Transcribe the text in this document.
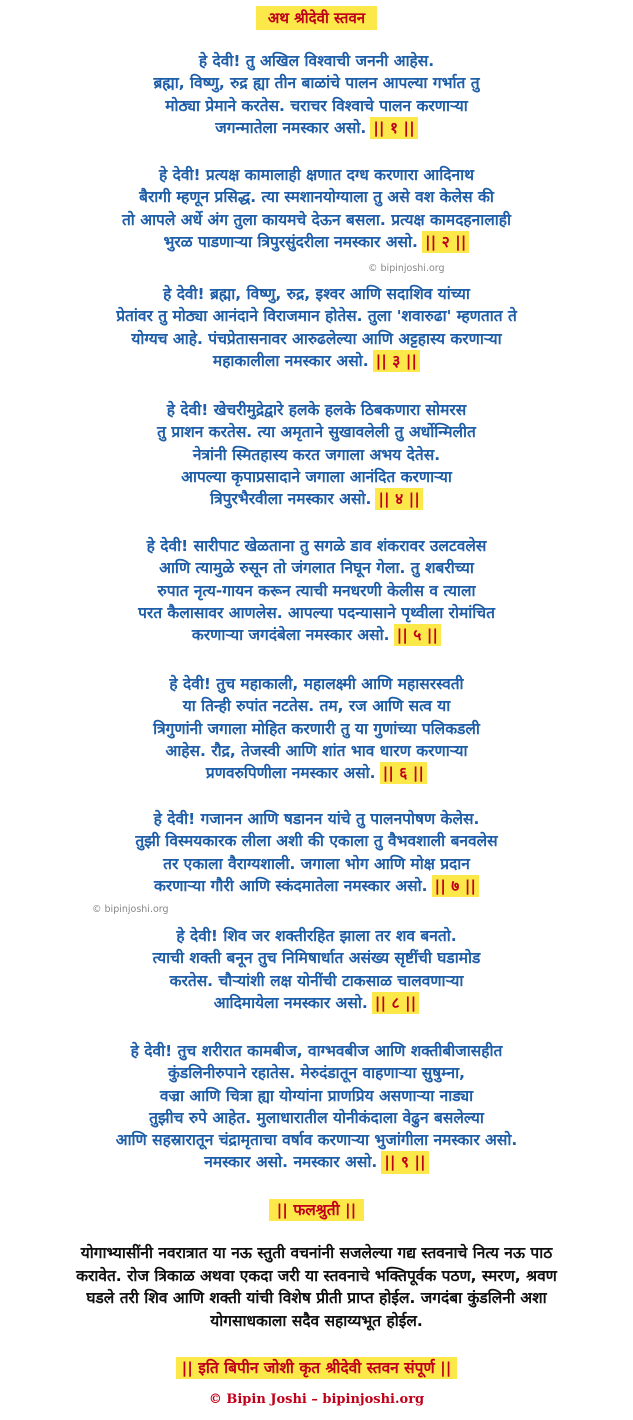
अथ श्रीदेवी स्तवन
हे देवी! तु अखिल विश्वाची जननी आहेस.
ब्रह्मा, विष्णु, रुद्र ह्या तीन बाळांचे पालन आपल्या गर्भात तु
मोठ्या प्रेमाने करतेस. चराचर विश्वाचे पालन करणाऱ्या
जगन्मातेला नमस्कार असो. || १ ||
हे देवी! प्रत्यक्ष कामालाही क्षणात दग्ध करणारा आदिनाथ
बैरागी म्हणून प्रसिद्ध. त्या स्मशानयोग्याला तु असे वश केलेस की
तो आपले अर्धे अंग तुला कायमचे देऊन बसला. प्रत्यक्ष कामदहनालाही
भुरळ पाडणाऱ्या त्रिपुरसुंदरीला नमस्कार असो. || २ ||
© bipinjoshi.org
हे देवी! ब्रह्मा, विष्णु, रुद्र, इश्वर आणि सदाशिव यांच्या
प्रेतांवर तु मोठ्या आनंदाने विराजमान होतेस. तुला 'शवारुढा' म्हणतात ते
योग्यच आहे. पंचप्रेतासनावर आरुढलेल्या आणि अट्टहास्य करणाऱ्या
महाकालीला नमस्कार असो. || ३ ||
हे देवी! खेचरीमुद्रेद्वारे हलके हलके ठिबकणारा सोमरस
तु प्राशन करतेस. त्या अमृताने सुखावलेली तु अर्धोन्मिलीत
नेत्रांनी स्मितहास्य करत जगाला अभय देतेस.
आपल्या कृपाप्रसादाने जगाला आनंदित करणाऱ्या
त्रिपुरभैरवीला नमस्कार असो. || ४ ||
हे देवी! सारीपाट खेळताना तु सगळे डाव शंकरावर उलटवलेस
आणि त्यामुळे रुसून तो जंगलात निघून गेला. तु शबरीच्या
रुपात नृत्य-गायन करून त्याची मनधरणी केलीस व त्याला
परत कैलासावर आणलेस. आपल्या पदन्यासाने पृथ्वीला रोमांचित
करणाऱ्या जगदंबेला नमस्कार असो. || ५ ||
हे देवी! तुच महाकाली, महालक्ष्मी आणि महासरस्वती
या तिन्ही रुपांत नटतेस. तम, रज आणि सत्व या
त्रिगुणांनी जगाला मोहित करणारी तु या गुणांच्या पलिकडली
आहेस. रौद्र, तेजस्वी आणि शांत भाव धारण करणाऱ्या
प्रणवरुपिणीला नमस्कार असो. || ६ ||
हे देवी! गजानन आणि षडानन यांचे तु पालनपोषण केलेस.
तुझी विस्मयकारक लीला अशी की एकाला तु वैभवशाली बनवलेस
तर एकाला वैराग्यशाली. जगाला भोग आणि मोक्ष प्रदान
करणाऱ्या गौरी आणि स्कंदमातेला नमस्कार असो. || ७ ||
© bipinjoshi.org
हे देवी! शिव जर शक्तीरहित झाला तर शव बनतो.
त्याची शक्ती बनून तुच निमिषार्धात असंख्य सृष्टींची घडामोड
करतेस. चौऱ्यांशी लक्ष योनींची टाकसाळ चालवणाऱ्या
आदिमायेला नमस्कार असो. || ८ ||
हे देवी! तुच शरीरात कामबीज, वाग्भवबीज आणि शक्तीबीजासहीत
कुंडलिनीरुपाने रहातेस. मेरुदंडातून वाहणाऱ्या सुषुम्ना,
वज्रा आणि चित्रा ह्या योग्यांना प्राणप्रिय असणाऱ्या नाड्या
तुझीच रुपे आहेत. मुलाधारातील योनीकंदाला वेढुन बसलेल्या
आणि सहस्रारातून चंद्रामृताचा वर्षाव करणाऱ्या भुजांगीला नमस्कार असो.
नमस्कार असो. नमस्कार असो. || ९ ||
|| फलश्रुती ||
योगाभ्यासींनी नवरात्रात या नऊ स्तुती वचनांनी सजलेल्या गद्य स्तवनाचे नित्य नऊ पाठ
करावेत. रोज त्रिकाळ अथवा एकदा जरी या स्तवनाचे भक्तिपूर्वक पठण, स्मरण, श्रवण
घडले तरी शिव आणि शक्ती यांची विशेष प्रीती प्राप्त होईल. जगदंबा कुंडलिनी अशा
योगसाधकाला सदैव सहाय्यभूत होईल.
|| इति बिपीन जोशी कृत श्रीदेवी स्तवन संपूर्ण ||
© Bipin Joshi – bipinjoshi.org
